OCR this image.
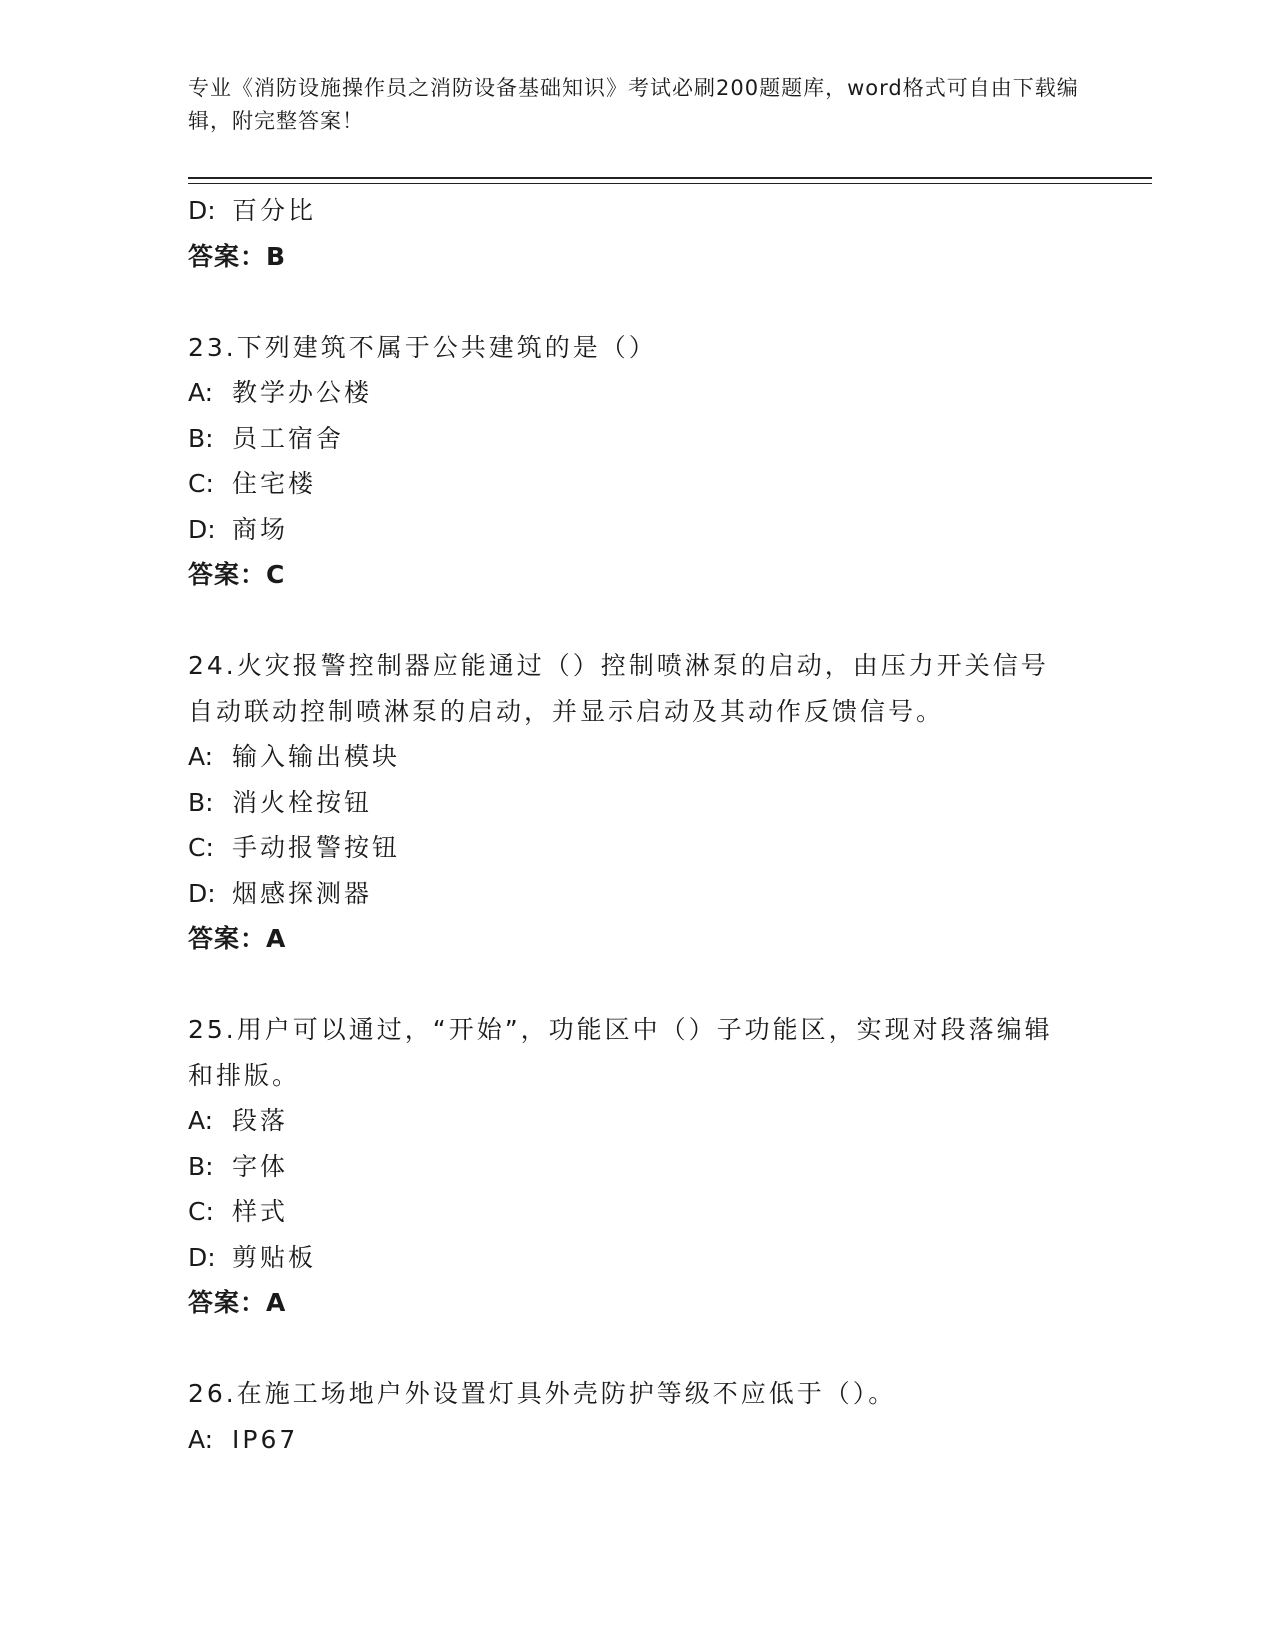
专业《消防设施操作员之消防设备基础知识》考试必刷200题题库，word格式可自由下载编辑，附完整答案！
D: 百分比
答案：B
23.下列建筑不属于公共建筑的是（）
A: 教学办公楼
B: 员工宿舍
C: 住宅楼
D: 商场
答案：C
24.火灾报警控制器应能通过（）控制喷淋泵的启动，由压力开关信号自动联动控制喷淋泵的启动，并显示启动及其动作反馈信号。
A: 输入输出模块
B: 消火栓按钮
C: 手动报警按钮
D: 烟感探测器
答案：A
25.用户可以通过，“开始”，功能区中（）子功能区，实现对段落编辑和排版。
A: 段落
B: 字体
C: 样式
D: 剪贴板
答案：A
26.在施工场地户外设置灯具外壳防护等级不应低于（）。
A: IP67
